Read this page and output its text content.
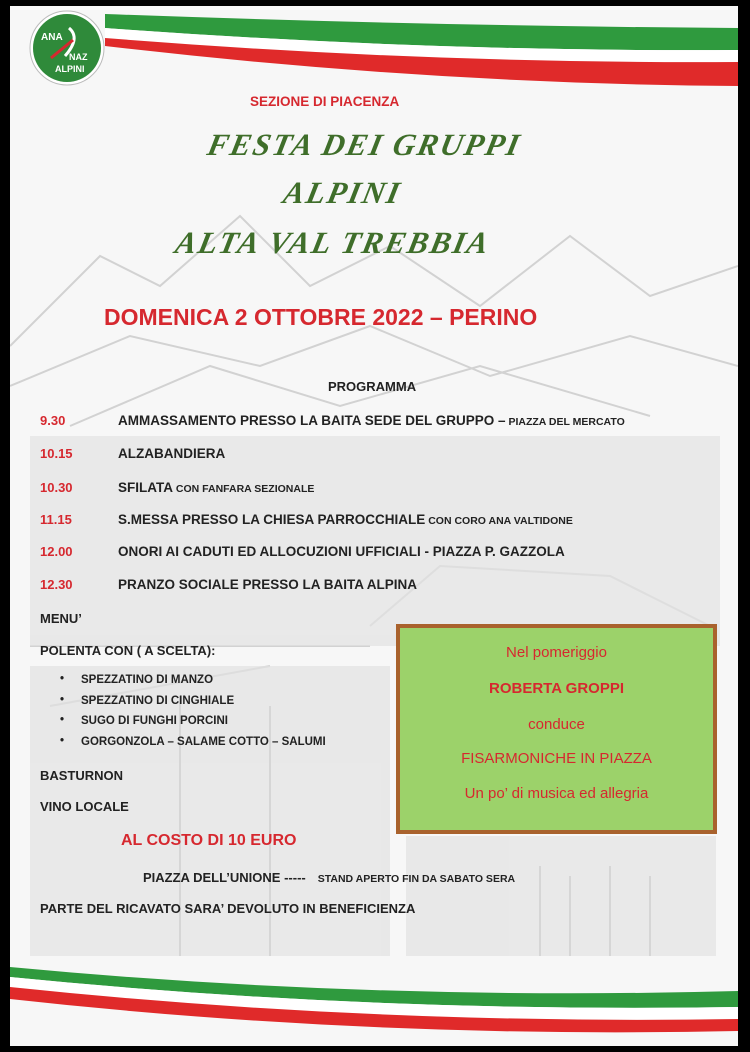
ANA
NAZ
ALPINI
SEZIONE DI PIACENZA
FESTA DEI GRUPPI
ALPINI
ALTA VAL TREBBIA
DOMENICA 2 OTTOBRE 2022 – PERINO
PROGRAMMA
9.30	AMMASSAMENTO PRESSO LA BAITA SEDE DEL GRUPPO – PIAZZA DEL MERCATO
10.15	ALZABANDIERA
10.30	SFILATA CON FANFARA SEZIONALE
11.15	S.MESSA PRESSO LA CHIESA PARROCCHIALE CON CORO ANA VALTIDONE
12.00	ONORI AI CADUTI ED ALLOCUZIONI UFFICIALI - PIAZZA P. GAZZOLA
12.30	PRANZO SOCIALE PRESSO LA BAITA ALPINA
MENU’
POLENTA CON ( A SCELTA):
• SPEZZATINO DI MANZO
• SPEZZATINO DI CINGHIALE
• SUGO DI FUNGHI PORCINI
• GORGONZOLA – SALAME COTTO – SALUMI
BASTURNON
VINO LOCALE
AL COSTO DI 10 EURO
PIAZZA DELL’UNIONE ----- STAND APERTO FIN DA SABATO SERA
PARTE DEL RICAVATO SARA’ DEVOLUTO IN BENEFICIENZA
Nel pomeriggio
ROBERTA GROPPI
conduce
FISARMONICHE IN PIAZZA
Un po’ di musica ed allegria
